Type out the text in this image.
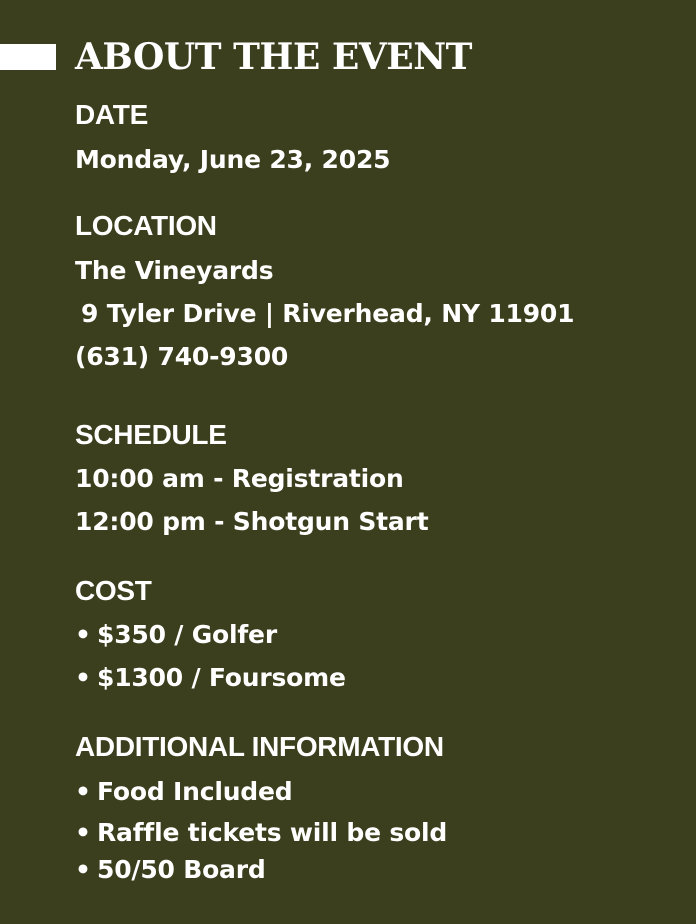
ABOUT THE EVENT
DATE

Monday, June 23, 2025

LOCATION

The Vineyards

9 Tyler Drive | Riverhead, NY 11901

(631) 740-9300

SCHEDULE

10:00 am - Registration

12:00 pm - Shotgun Start

COST

• $350 / Golfer

• $1300 / Foursome

ADDITIONAL INFORMATION

• Food Included

• Raffle tickets will be sold

• 50/50 Board
